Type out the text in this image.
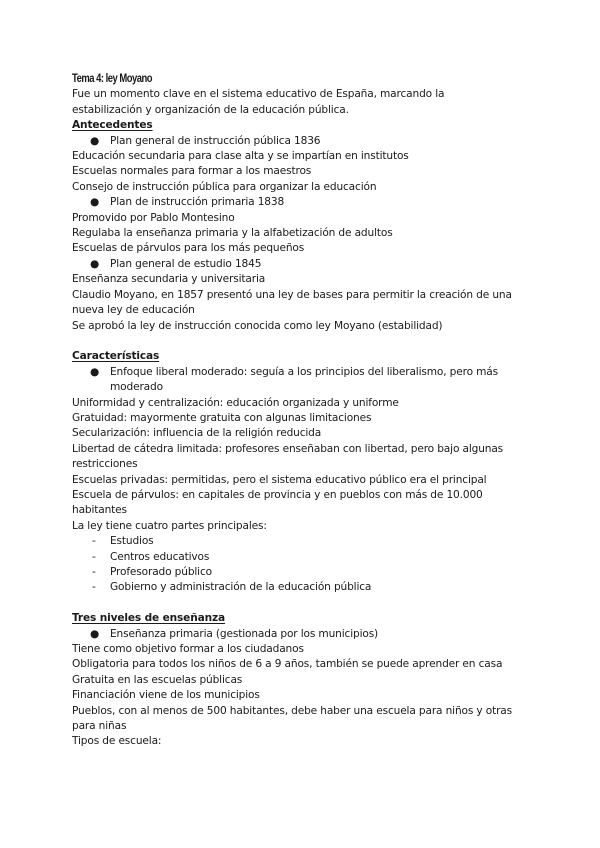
Tema 4: ley Moyano
Fue un momento clave en el sistema educativo de España, marcando la
estabilización y organización de la educación pública.
Antecedentes
● Plan general de instrucción pública 1836
Educación secundaria para clase alta y se impartían en institutos
Escuelas normales para formar a los maestros
Consejo de instrucción pública para organizar la educación
● Plan de instrucción primaria 1838
Promovido por Pablo Montesino
Regulaba la enseñanza primaria y la alfabetización de adultos
Escuelas de párvulos para los más pequeños
● Plan general de estudio 1845
Enseñanza secundaria y universitaria
Claudio Moyano, en 1857 presentó una ley de bases para permitir la creación de una
nueva ley de educación
Se aprobó la ley de instrucción conocida como ley Moyano (estabilidad)
Características
● Enfoque liberal moderado: seguía a los principios del liberalismo, pero más
moderado
Uniformidad y centralización: educación organizada y uniforme
Gratuidad: mayormente gratuita con algunas limitaciones
Secularización: influencia de la religión reducida
Libertad de cátedra limitada: profesores enseñaban con libertad, pero bajo algunas
restricciones
Escuelas privadas: permitidas, pero el sistema educativo público era el principal
Escuela de párvulos: en capitales de provincia y en pueblos con más de 10.000
habitantes
La ley tiene cuatro partes principales:
- Estudios
- Centros educativos
- Profesorado público
- Gobierno y administración de la educación pública
Tres niveles de enseñanza
● Enseñanza primaria (gestionada por los municipios)
Tiene como objetivo formar a los ciudadanos
Obligatoria para todos los niños de 6 a 9 años, también se puede aprender en casa
Gratuita en las escuelas públicas
Financiación viene de los municipios
Pueblos, con al menos de 500 habitantes, debe haber una escuela para niños y otras
para niñas
Tipos de escuela:
